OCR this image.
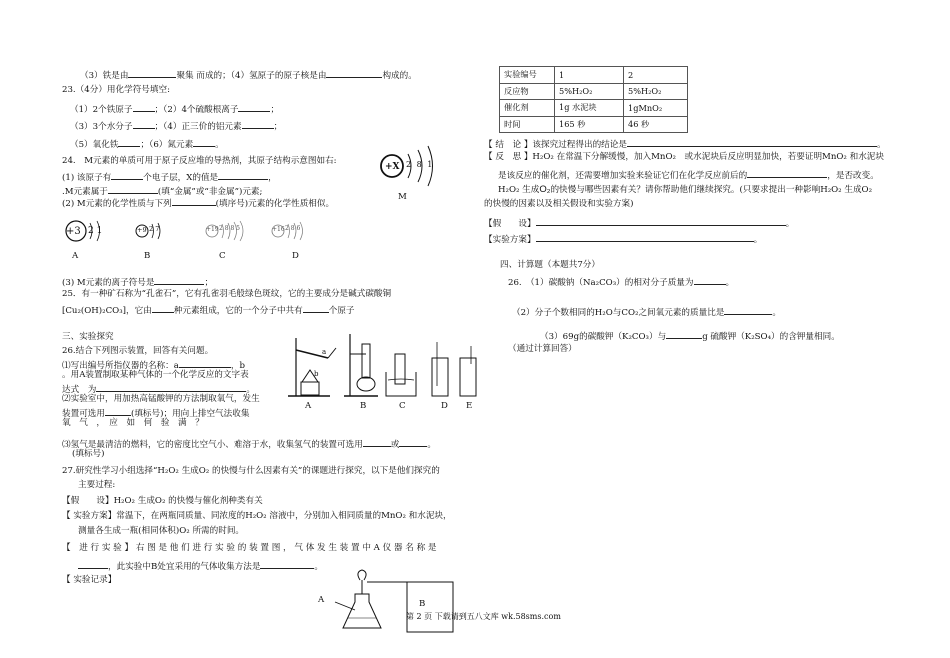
（3）铁是由	聚集 而成的；（4）氢原子的原子核是由	构成的。
23.（4分）用化学符号填空:
（1）2个铁原子	；（2）4个硫酸根离子	；
（3）3个水分子	；（4）正三价的铝元素	；
（5）氧化铁	；（6）氮元素	。
24.　M元素的单质可用于原子反应堆的导热剂，其原子结构示意图如右:
(1) 该原子有	个电子层，X的值是	，
.M元素属于	(填“金属”或“非金属”)元素;
(2) M元素的化学性质与下列	(填序号)元素的化学性质相似。
+X 2 8 1
M
+3 2 1	+9 2 7	+19 2 8 8 5	+16 2 8 6
A	B	C	D
(3) M元素的离子符号是	；
25．有一种矿石称为“孔雀石”，它有孔雀羽毛般绿色斑纹，它的主要成分是碱式碳酸铜
[Cu₂(OH)₂CO₃]，它由	种元素组成，它的一个分子中共有	个原子
三、实验探究
26.结合下列图示装置，回答有关问题。
⑴写出编号所指仪器的名称：a	，b
。用A装置制取某种气体的一个化学反应的文字表
达式　为	。
⑵实验室中，用加热高锰酸钾的方法制取氧气，发生
装置可选用	(填标号)；用向上排空气法收集
氧　气　，　应　如　何　验　满　？
⑶氢气是最清洁的燃料，它的密度比空气小、难溶于水，收集氢气的装置可选用	或	。
(填标号)
a
b
A	B	C	D E
27.研究性学习小组选择“H₂O₂ 生成O₂ 的快慢与什么因素有关”的课题进行探究，以下是他们探究的
主要过程:
【假　　设】H₂O₂ 生成O₂ 的快慢与催化剂种类有关
【 实验方案】常温下，在两瓶同质量、同浓度的H₂O₂ 溶液中，分别加入相同质量的MnO₂ 和水泥块，
测量各生成一瓶(相同体积)O₂ 所需的时间。
【　进 行 实 验 】 右 图 是 他 们 进 行 实 验 的 装 置 图 ， 气 体 发 生 装 置 中 A 仪 器 名 称 是
，此实验中B处宜采用的气体收集方法是	。
【 实验记录】
A	B
实验编号	1	2
反应物	5%H₂O₂	5%H₂O₂
催化剂	1g 水泥块	1gMnO₂
时间	165 秒	46 秒
【 结　论 】该探究过程得出的结论是	。
【 反　思 】H₂O₂ 在常温下分解缓慢，加入MnO₂　或水泥块后反应明显加快，若要证明MnO₂ 和水泥块
是该反应的催化剂，还需要增加实验来验证它们在化学反应前后的	，是否改变。
H₂O₂ 生成O₂的快慢与哪些因素有关？请你帮助他们继续探究。(只要求提出一种影响H₂O₂ 生成O₂
的快慢的因素以及相关假设和实验方案)
【假　　设】	。
【实验方案】	。
四、计算题（本题共7分）
26.　（1）碳酸钠（Na₂CO₃）的相对分子质量为	。
（2）分子个数相同的H₂O与CO₂之间氧元素的质量比是	。
（3）69g的碳酸钾（K₂CO₃）与	g 硫酸钾（K₂SO₄）的含钾量相同。
（通过计算回答）
第 2 页 下载请到五八文库 wk.58sms.com
